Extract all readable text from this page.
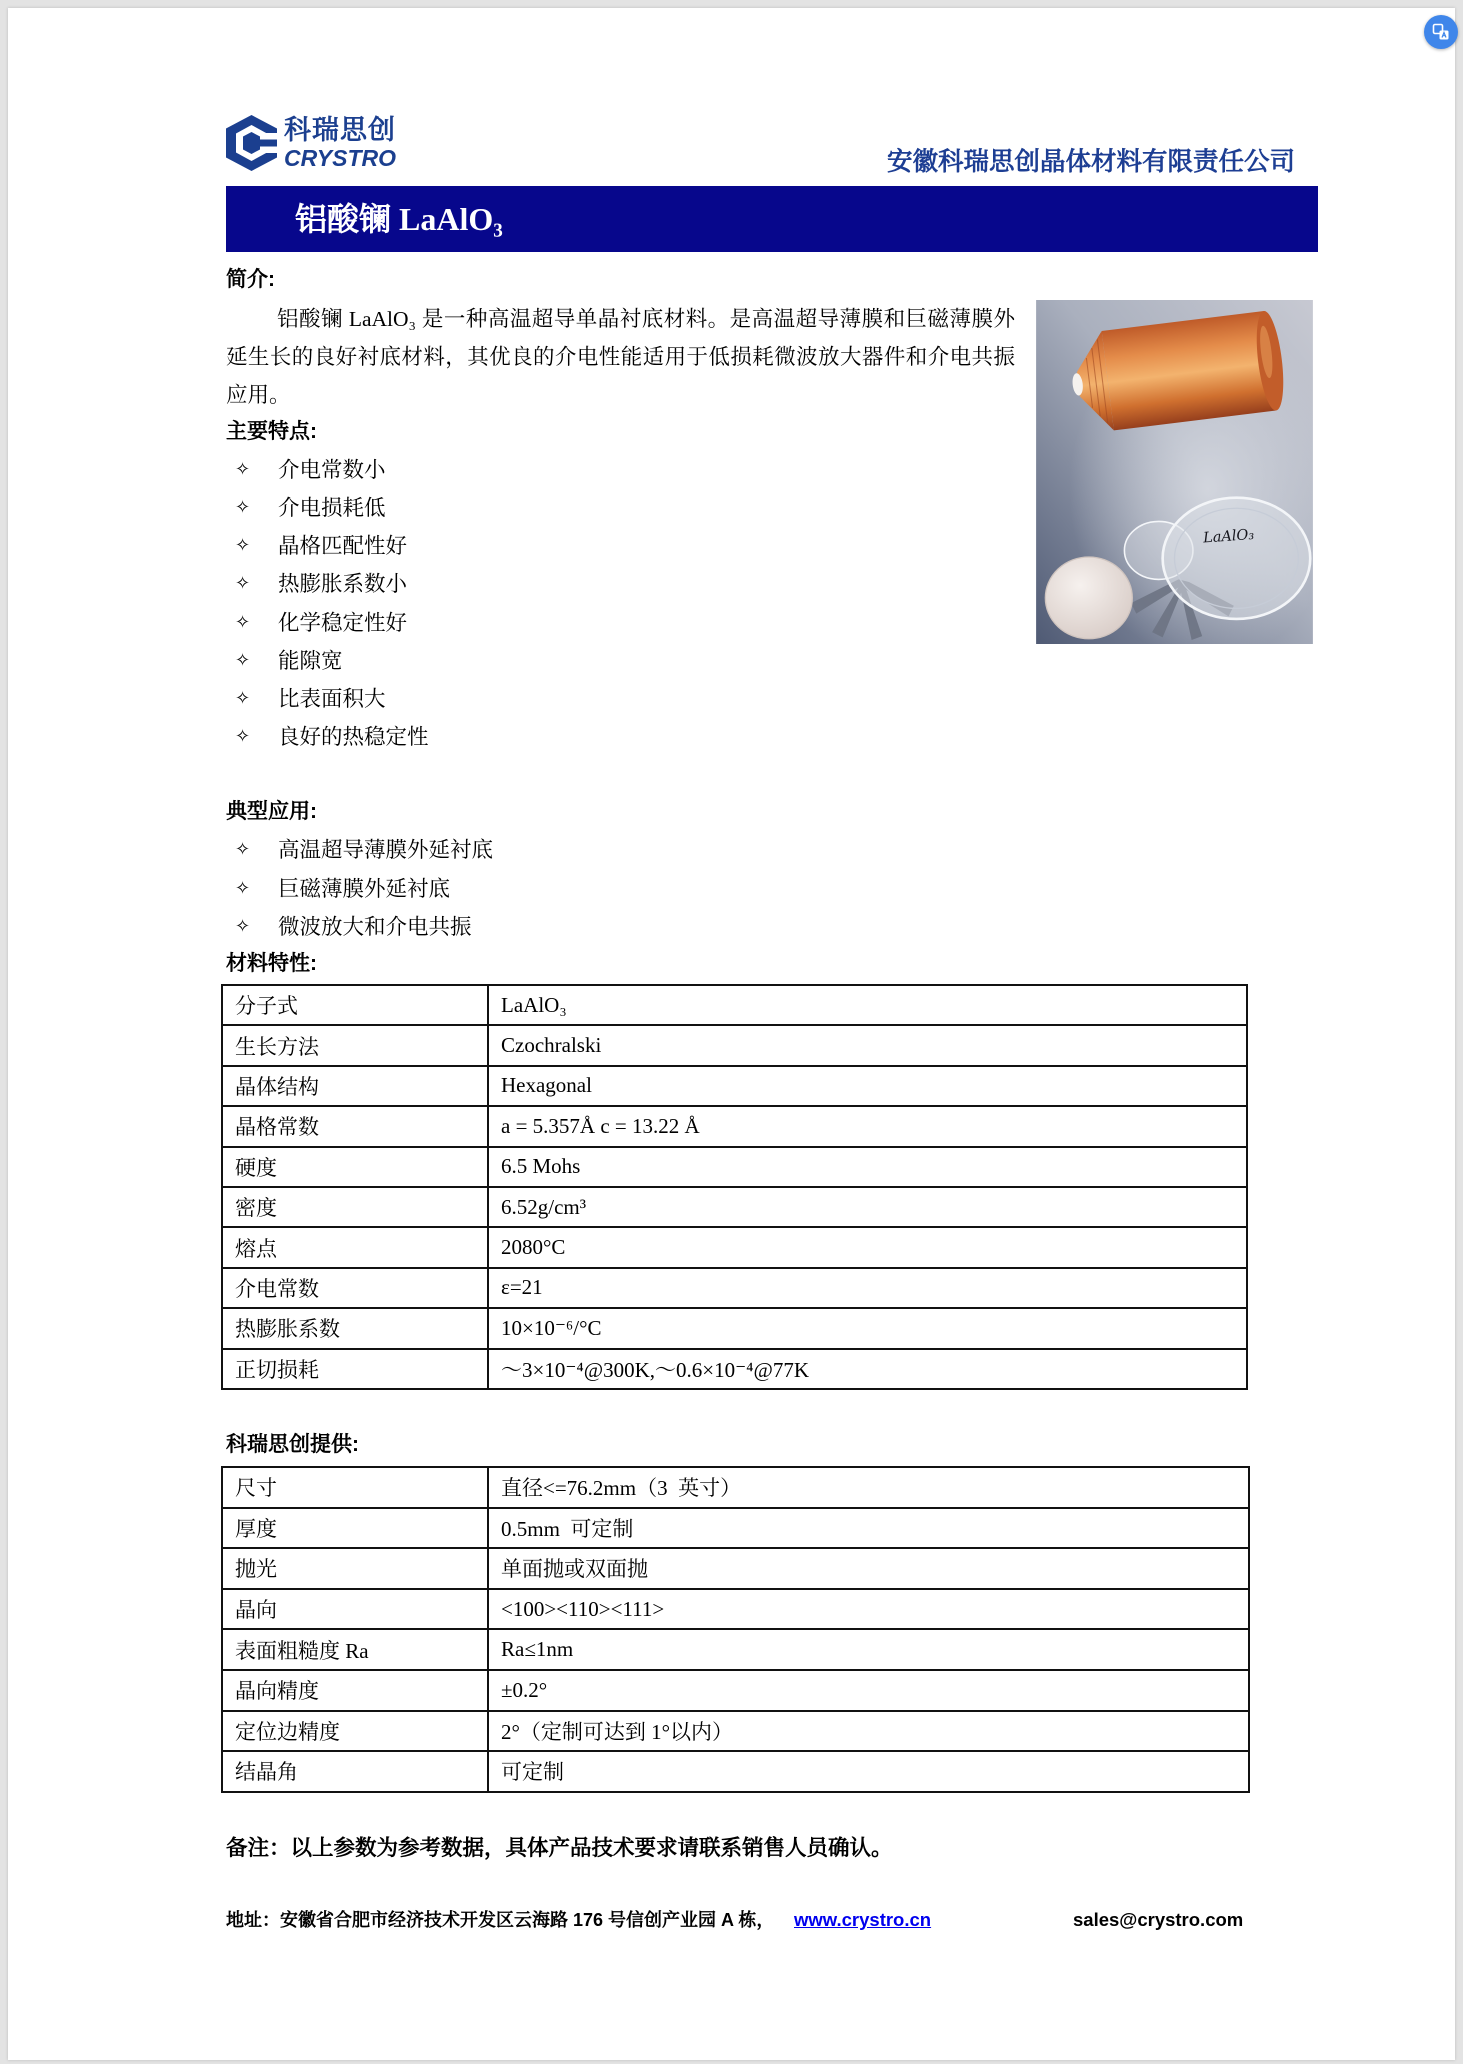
科瑞思创
CRYSTRO	安徽科瑞思创晶体材料有限责任公司
铝酸镧 LaAlO₃
简介:
铝酸镧 LaAlO₃ 是一种高温超导单晶衬底材料。是高温超导薄膜和巨磁薄膜外
延生长的良好衬底材料，其优良的介电性能适用于低损耗微波放大器件和介电共振
应用。
LaAlO₃
主要特点:
✧ 介电常数小
✧ 介电损耗低
✧ 晶格匹配性好
✧ 热膨胀系数小
✧ 化学稳定性好
✧ 能隙宽
✧ 比表面积大
✧ 良好的热稳定性
典型应用:
✧ 高温超导薄膜外延衬底
✧ 巨磁薄膜外延衬底
✧ 微波放大和介电共振
材料特性:
分子式	LaAlO₃
生长方法	Czochralski
晶体结构	Hexagonal
晶格常数	a = 5.357Å c = 13.22 Å
硬度	6.5 Mohs
密度	6.52g/cm³
熔点	2080°C
介电常数	ε=21
热膨胀系数	10×10⁻⁶/°C
正切损耗	～3×10⁻⁴@300K,～0.6×10⁻⁴@77K
科瑞思创提供:
尺寸	直径<=76.2mm（3  英寸）
厚度	0.5mm  可定制
抛光	单面抛或双面抛
晶向	<100><110><111>
表面粗糙度 Ra	Ra≤1nm
晶向精度	±0.2°
定位边精度	2°（定制可达到 1°以内）
结晶角	可定制
备注：以上参数为参考数据，具体产品技术要求请联系销售人员确认。
地址：安徽省合肥市经济技术开发区云海路 176 号信创产业园 A 栋， www.crystro.cn	sales@crystro.com
